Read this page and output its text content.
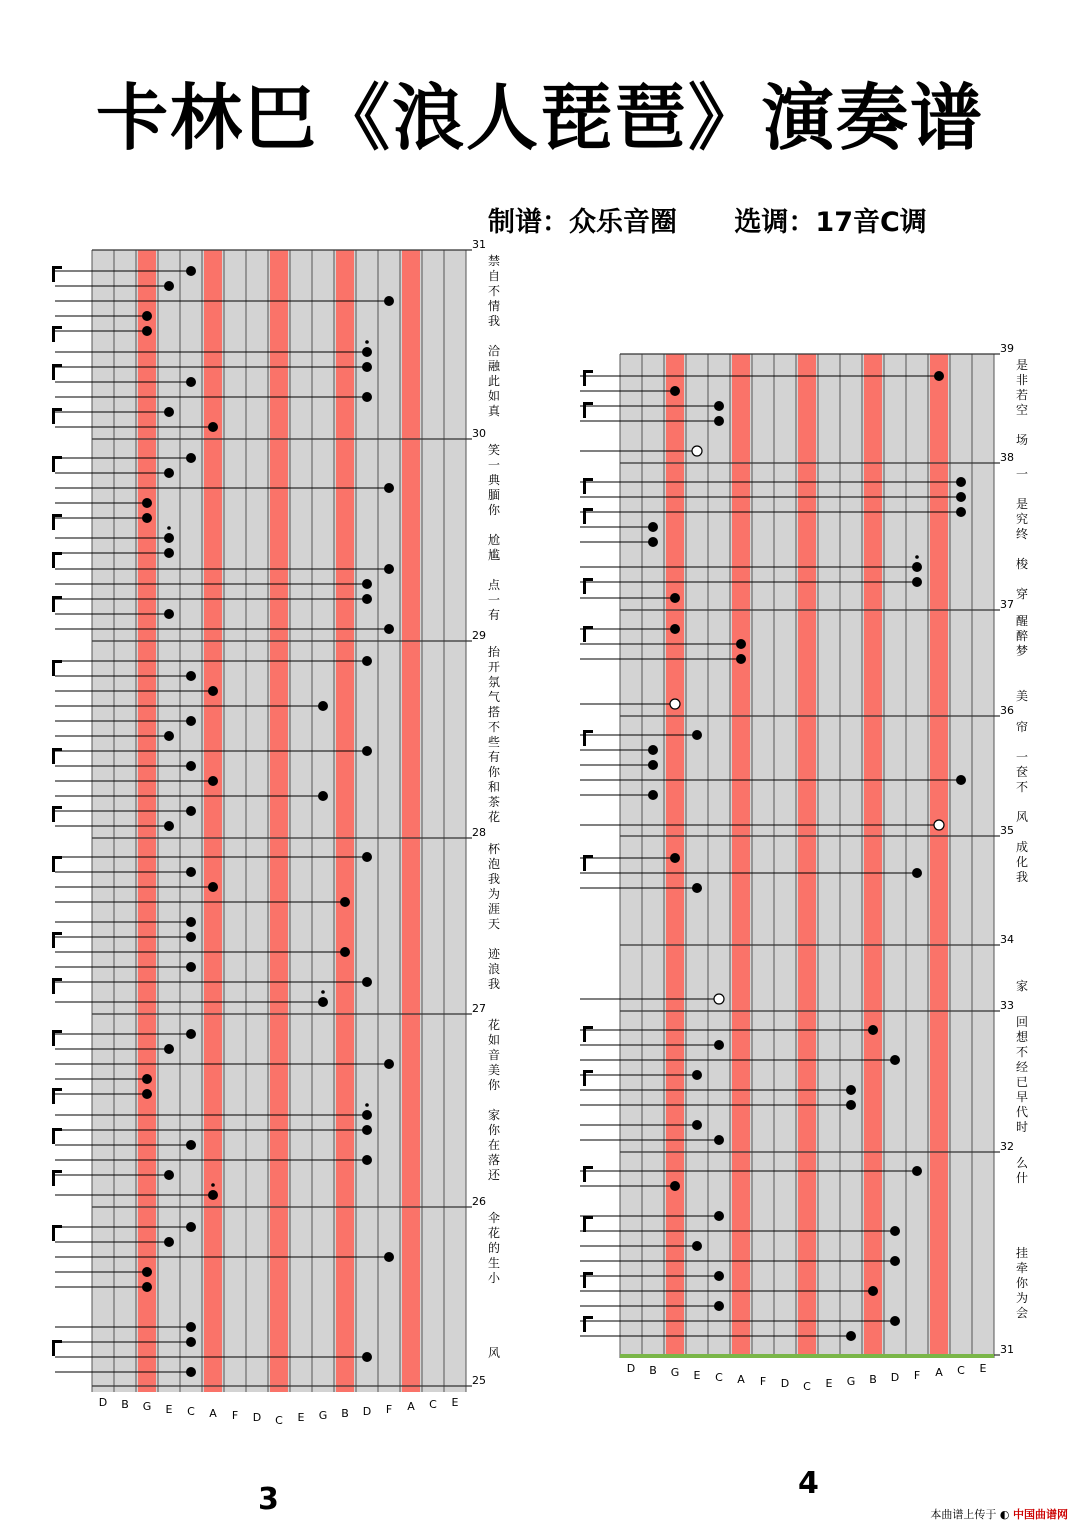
卡林巴《浪人琵琶》演奏谱
制谱：众乐音圈 选调：17音C调
31
禁
自
不
情
我
洽
融
此
如
真
30
笑
一
典
腼
你
尬
尴
点
一
有
29
抬
开
氛
气
搭
不
些
有
你
和
茶
花
28
杯
泡
我
为
涯
天
迹
浪
我
27
花
如
音
美
你
家
你
在
落
还
26
伞
花
的
生
小
风
25
D B G	E	C A	F	D C	E	G B D	F	A C	E
39
是
非
若
空
场
38
一
是
究
终
梭
穿
37
醒
醉
梦
美
36
帘
一
奁
不
风
35
成
化
我
34
家
33
回
想
不
经
已
早
代
时
32
么
什
挂
牵
你
为
会
31
D B G	E	C A	F	D C	E	G B D	F	A C	E
3	4
本曲谱上传于 ◐ 中国曲谱网
